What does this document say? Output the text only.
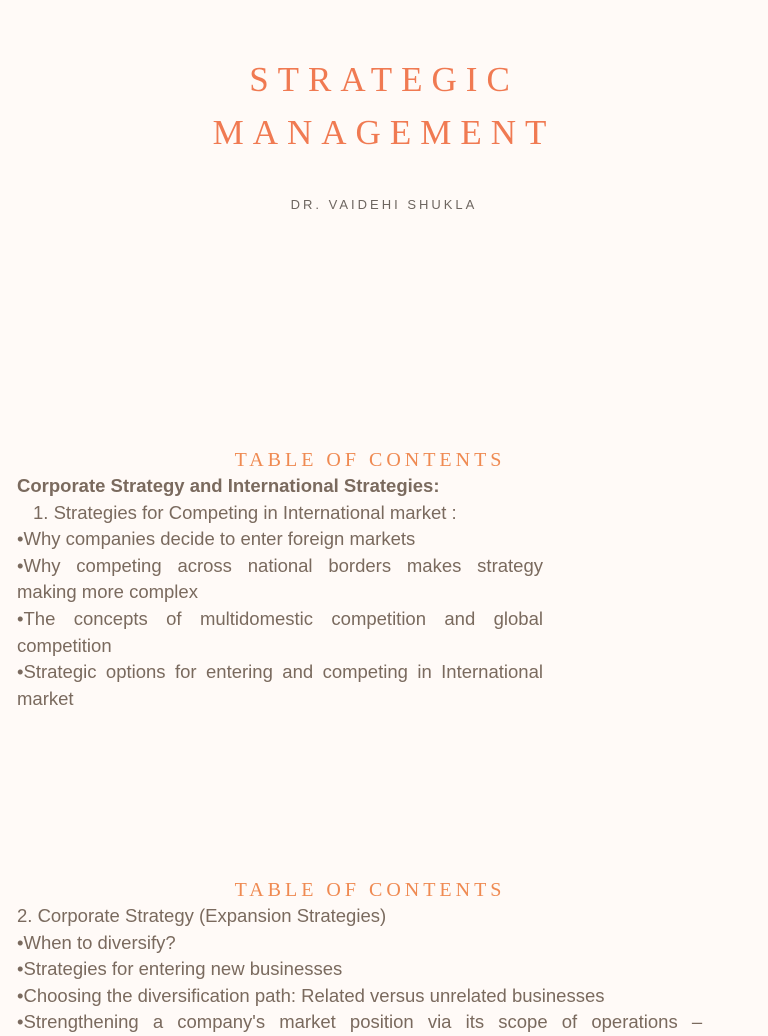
STRATEGIC
MANAGEMENT
DR. VAIDEHI SHUKLA
TABLE OF CONTENTS

Corporate Strategy and International Strategies:

1. Strategies for Competing in International market :

•Why companies decide to enter foreign markets

•Why competing across national borders makes strategy making more complex

•The concepts of multidomestic competition and global competition

•Strategic options for entering and competing in International market

TABLE OF CONTENTS

2. Corporate Strategy (Expansion Strategies)

•When to diversify?

•Strategies for entering new businesses

•Choosing the diversification path: Related versus unrelated businesses

•Strengthening a company's market position via its scope of operations –
